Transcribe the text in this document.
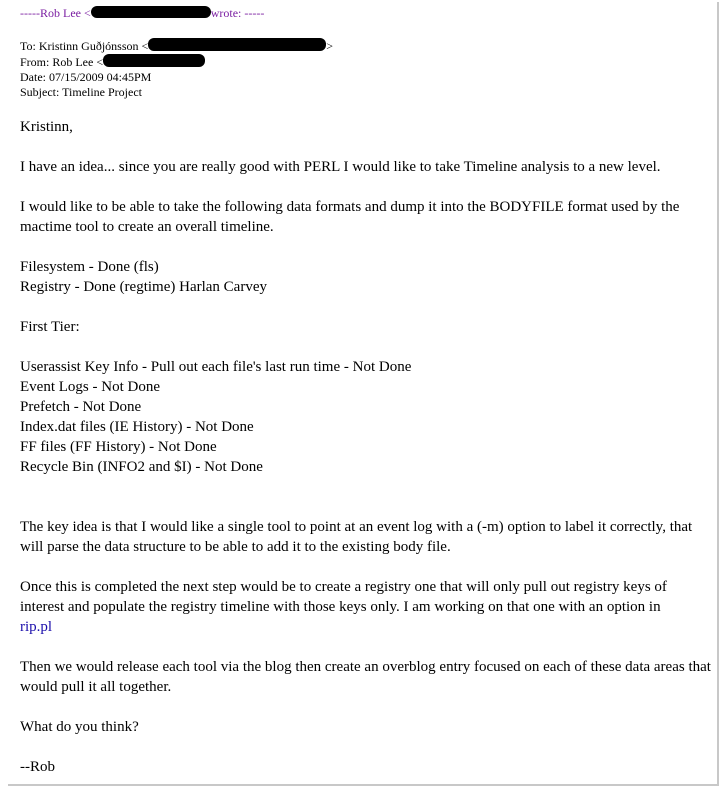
-----Rob Lee <	wrote: -----
To: Kristinn Guðjónsson <	>
From: Rob Lee <
Date: 07/15/2009 04:45PM
Subject: Timeline Project

Kristinn,

I have an idea... since you are really good with PERL I would like to take Timeline analysis to a new level.

I would like to be able to take the following data formats and dump it into the BODYFILE format used by the mactime tool to create an overall timeline.

Filesystem - Done (fls)

Registry - Done (regtime) Harlan Carvey

First Tier:

Userassist Key Info - Pull out each file's last run time - Not Done

Event Logs - Not Done

Prefetch - Not Done

Index.dat files (IE History) - Not Done

FF files (FF History) - Not Done

Recycle Bin (INFO2 and $I) - Not Done

The key idea is that I would like a single tool to point at an event log with a (-m) option to label it correctly, that will parse the data structure to be able to add it to the existing body file.

Once this is completed the next step would be to create a registry one that will only pull out registry keys of interest and populate the registry timeline with those keys only. I am working on that one with an option in
rip.pl

Then we would release each tool via the blog then create an overblog entry focused on each of these data areas that would pull it all together.

What do you think?

--Rob
